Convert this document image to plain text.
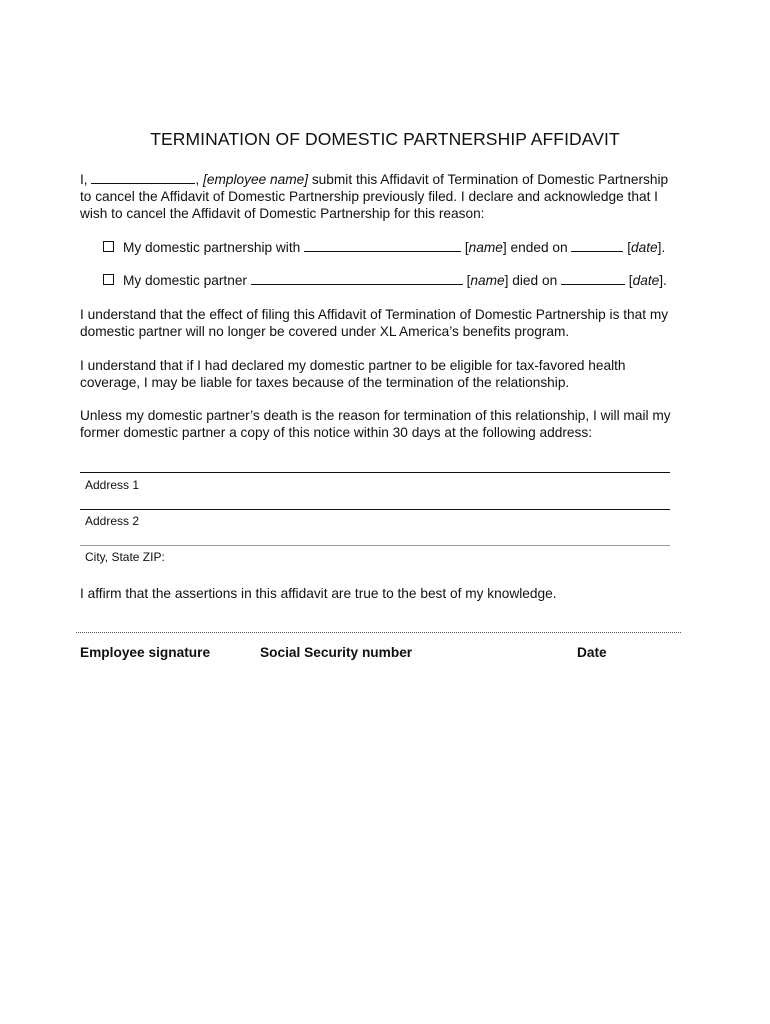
TERMINATION OF DOMESTIC PARTNERSHIP AFFIDAVIT

I,	, [employee name] submit this Affidavit of Termination of Domestic Partnership

to cancel the Affidavit of Domestic Partnership previously filed. I declare and acknowledge that I

wish to cancel the Affidavit of Domestic Partnership for this reason:

My domestic partnership with	[name] ended on	[date].
My domestic partner	[name] died on	[date].

I understand that the effect of filing this Affidavit of Termination of Domestic Partnership is that my

domestic partner will no longer be covered under XL America’s benefits program.

I understand that if I had declared my domestic partner to be eligible for tax-favored health

coverage, I may be liable for taxes because of the termination of the relationship.

Unless my domestic partner’s death is the reason for termination of this relationship, I will mail my

former domestic partner a copy of this notice within 30 days at the following address:

Address 1
Address 2
City, State ZIP:

I affirm that the assertions in this affidavit are true to the best of my knowledge.

Employee signature	Social Security number	Date
